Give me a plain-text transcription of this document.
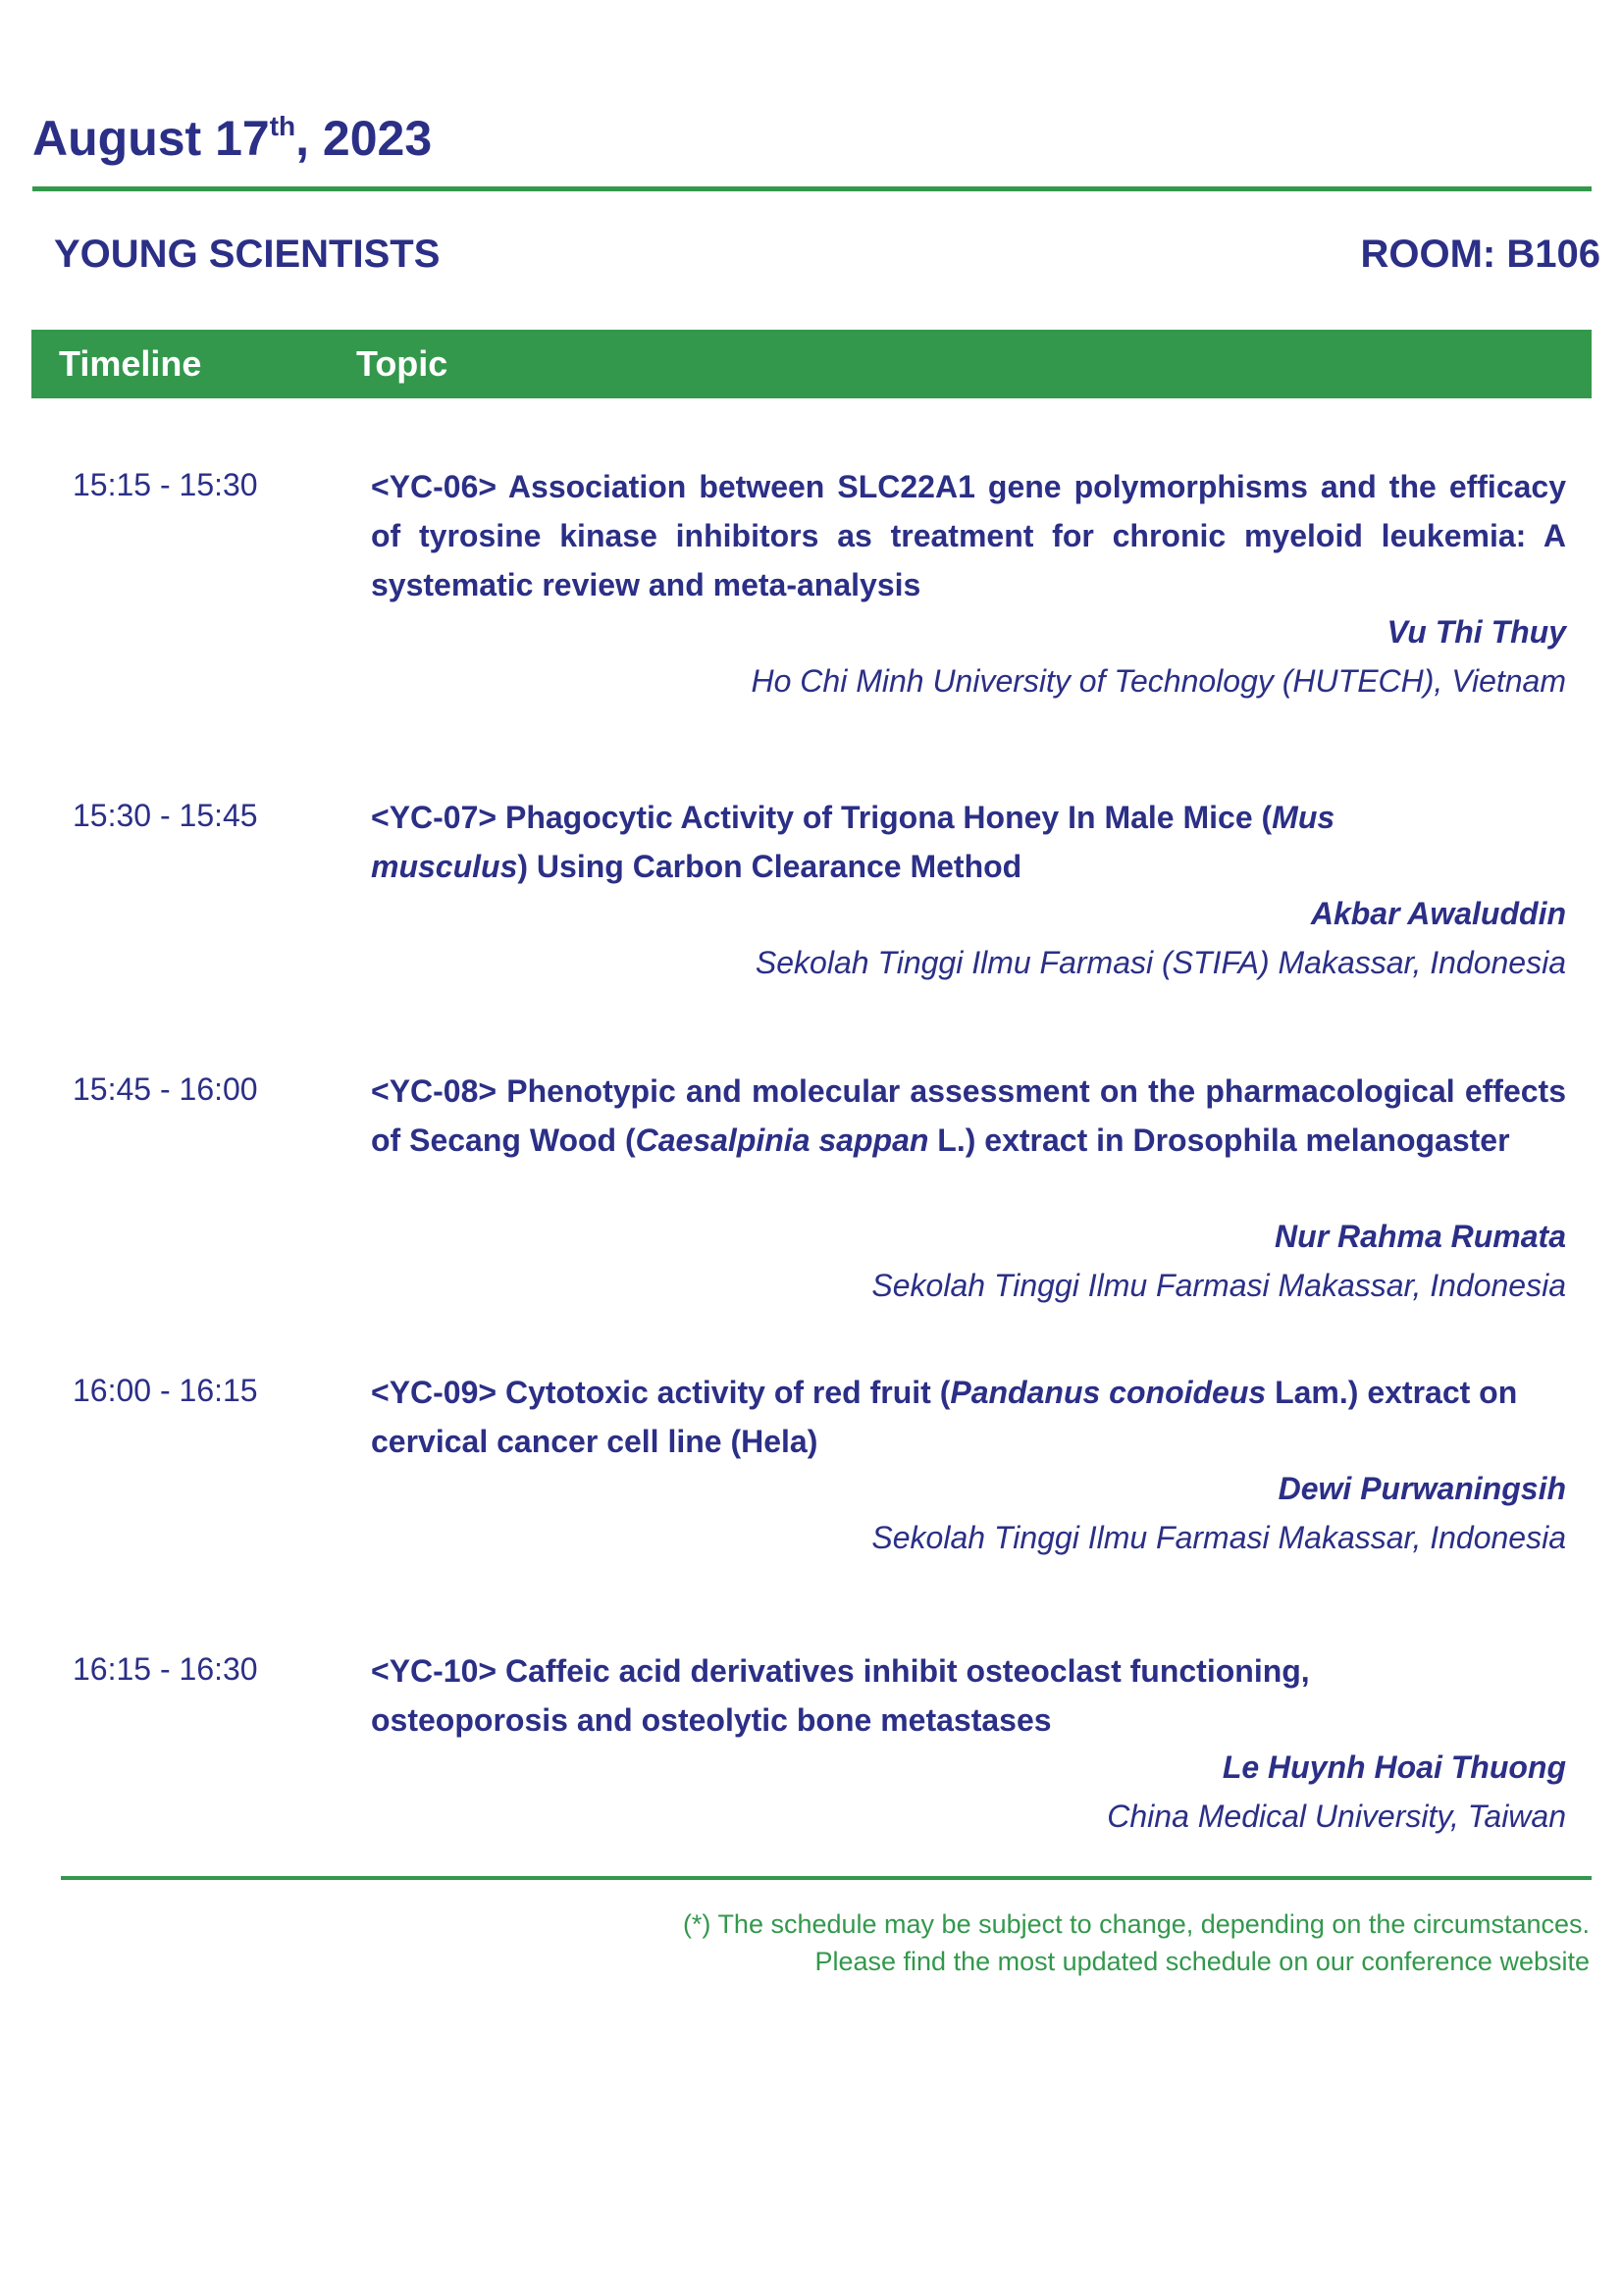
August 17th, 2023
YOUNG SCIENTISTS	ROOM: B106
Timeline	Topic
15:15 - 15:30	<YC-06> Association between SLC22A1 gene polymorphisms and the efficacy of tyrosine kinase inhibitors as treatment for chronic myeloid leukemia: A systematic review and meta-analysis
Vu Thi Thuy
Ho Chi Minh University of Technology (HUTECH), Vietnam
15:30 - 15:45	<YC-07> Phagocytic Activity of Trigona Honey In Male Mice (Mus musculus) Using Carbon Clearance Method
Akbar Awaluddin
Sekolah Tinggi Ilmu Farmasi (STIFA) Makassar, Indonesia
15:45 - 16:00	<YC-08> Phenotypic and molecular assessment on the pharmacological effects of Secang Wood (Caesalpinia sappan L.) extract in Drosophila melanogaster
Nur Rahma Rumata
Sekolah Tinggi Ilmu Farmasi Makassar, Indonesia
16:00 - 16:15	<YC-09> Cytotoxic activity of red fruit (Pandanus conoideus Lam.) extract on cervical cancer cell line (Hela)
Dewi Purwaningsih
Sekolah Tinggi Ilmu Farmasi Makassar, Indonesia
16:15 - 16:30	<YC-10> Caffeic acid derivatives inhibit osteoclast functioning, osteoporosis and osteolytic bone metastases
Le Huynh Hoai Thuong
China Medical University, Taiwan
(*) The schedule may be subject to change, depending on the circumstances.
Please find the most updated schedule on our conference website
